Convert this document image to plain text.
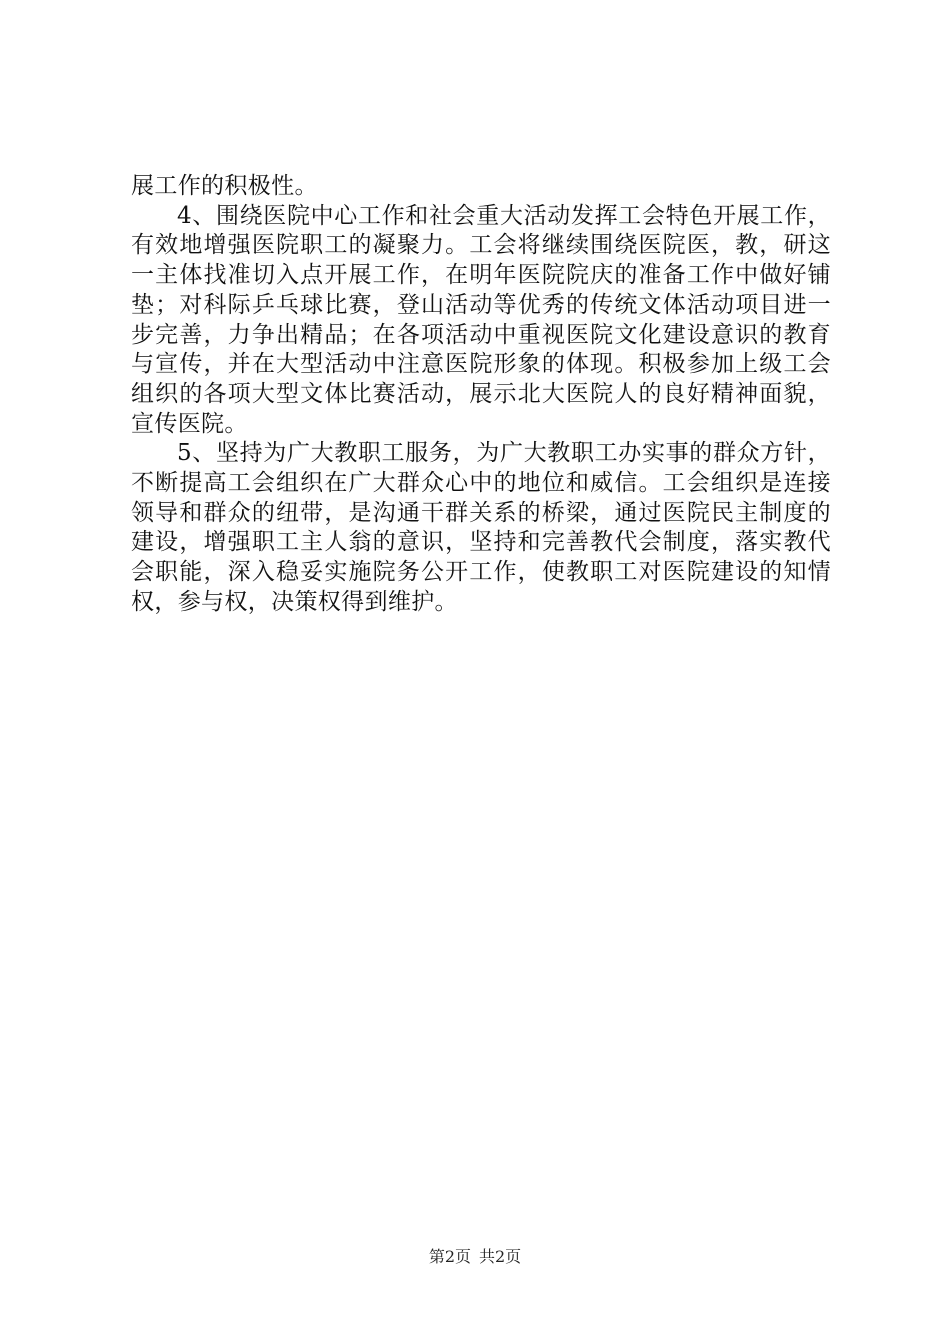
展工作的积极性。

4、围绕医院中心工作和社会重大活动发挥工会特色开展工作，有效地增强医院职工的凝聚力。工会将继续围绕医院医，教，研这一主体找准切入点开展工作，在明年医院院庆的准备工作中做好铺垫；对科际乒乓球比赛，登山活动等优秀的传统文体活动项目进一步完善，力争出精品；在各项活动中重视医院文化建设意识的教育与宣传，并在大型活动中注意医院形象的体现。积极参加上级工会组织的各项大型文体比赛活动，展示北大医院人的良好精神面貌，宣传医院。

5、坚持为广大教职工服务，为广大教职工办实事的群众方针，不断提高工会组织在广大群众心中的地位和威信。工会组织是连接领导和群众的纽带，是沟通干群关系的桥梁，通过医院民主制度的建设，增强职工主人翁的意识，坚持和完善教代会制度，落实教代会职能，深入稳妥实施院务公开工作，使教职工对医院建设的知情权，参与权，决策权得到维护。

第2页 共2页
